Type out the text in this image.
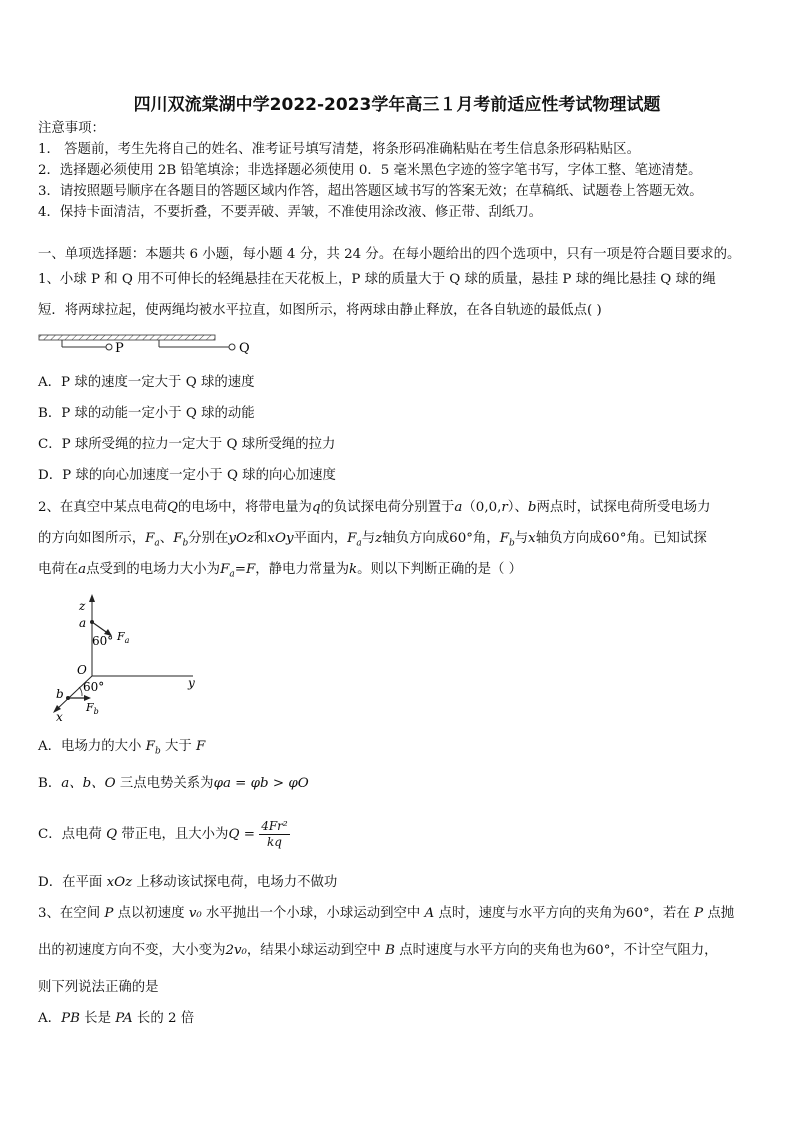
四川双流棠湖中学2022-2023学年高三１月考前适应性考试物理试题
注意事项：
1． 答题前，考生先将自己的姓名、准考证号填写清楚，将条形码准确粘贴在考生信息条形码粘贴区。
2．选择题必须使用 2B 铅笔填涂；非选择题必须使用 0．5 毫米黑色字迹的签字笔书写，字体工整、笔迹清楚。
3．请按照题号顺序在各题目的答题区域内作答，超出答题区域书写的答案无效；在草稿纸、试题卷上答题无效。
4．保持卡面清洁，不要折叠，不要弄破、弄皱，不准使用涂改液、修正带、刮纸刀。
一、单项选择题：本题共 6 小题，每小题 4 分，共 24 分。在每小题给出的四个选项中，只有一项是符合题目要求的。
1、小球 P 和 Q 用不可伸长的轻绳悬挂在天花板上，P 球的质量大于 Q 球的质量，悬挂 P 球的绳比悬挂 Q 球的绳
短．将两球拉起，使两绳均被水平拉直，如图所示，将两球由静止释放，在各自轨迹的最低点( )
P	Q
A．P 球的速度一定大于 Q 球的速度
B．P 球的动能一定小于 Q 球的动能
C．P 球所受绳的拉力一定大于 Q 球所受绳的拉力
D．P 球的向心加速度一定小于 Q 球的向心加速度
2、在真空中某点电荷Q的电场中，将带电量为q的负试探电荷分别置于a（0,0,r）、b两点时，试探电荷所受电场力
的方向如图所示，$F_a$、$F_b$分别在yOz和xOy平面内，$F_a$与z轴负方向成60°角，$F_b$与x轴负方向成60°角。已知试探
电荷在a点受到的电场力大小为$F_a=F$，静电力常量为k。则以下判断正确的是（ ）
z
y
x
O
a
60° $F_a$
b 60°
$F_b$
A．电场力的大小 $F_b$ 大于 F
B．a、b、O 三点电势关系为φa = φb > φO
C．点电荷 Q 带正电，且大小为$Q = \frac{\text{4Fr²}}{kq}$
D．在平面 xOz 上移动该试探电荷，电场力不做功
3、在空间 P 点以初速度 v₀ 水平抛出一个小球，小球运动到空中 A 点时，速度与水平方向的夹角为60°，若在 P 点抛
出的初速度方向不变，大小变为2v₀，结果小球运动到空中 B 点时速度与水平方向的夹角也为60°，不计空气阻力，
则下列说法正确的是
A．PB 长是 PA 长的 2 倍
